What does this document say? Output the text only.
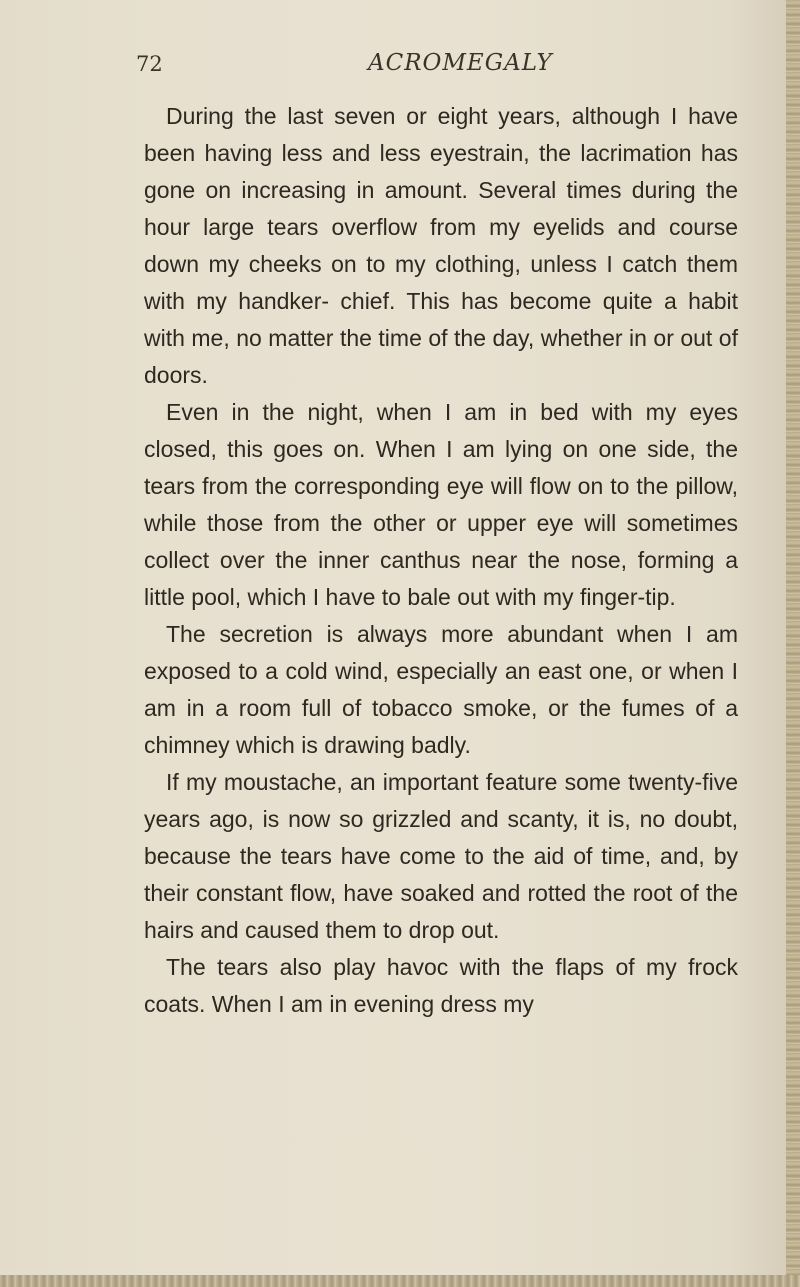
72	ACROMEGALY

During the last seven or eight years, although I have been having less and less eyestrain, the lacrimation has gone on increasing in amount. Several times during the hour large tears overflow from my eyelids and course down my cheeks on to my clothing, unless I catch them with my handker- chief. This has become quite a habit with me, no matter the time of the day, whether in or out of doors.

Even in the night, when I am in bed with my eyes closed, this goes on. When I am lying on one side, the tears from the corresponding eye will flow on to the pillow, while those from the other or upper eye will sometimes collect over the inner canthus near the nose, forming a little pool, which I have to bale out with my finger-tip.

The secretion is always more abundant when I am exposed to a cold wind, especially an east one, or when I am in a room full of tobacco smoke, or the fumes of a chimney which is drawing badly.

If my moustache, an important feature some twenty-five years ago, is now so grizzled and scanty, it is, no doubt, because the tears have come to the aid of time, and, by their constant flow, have soaked and rotted the root of the hairs and caused them to drop out.

The tears also play havoc with the flaps of my frock coats. When I am in evening dress my
